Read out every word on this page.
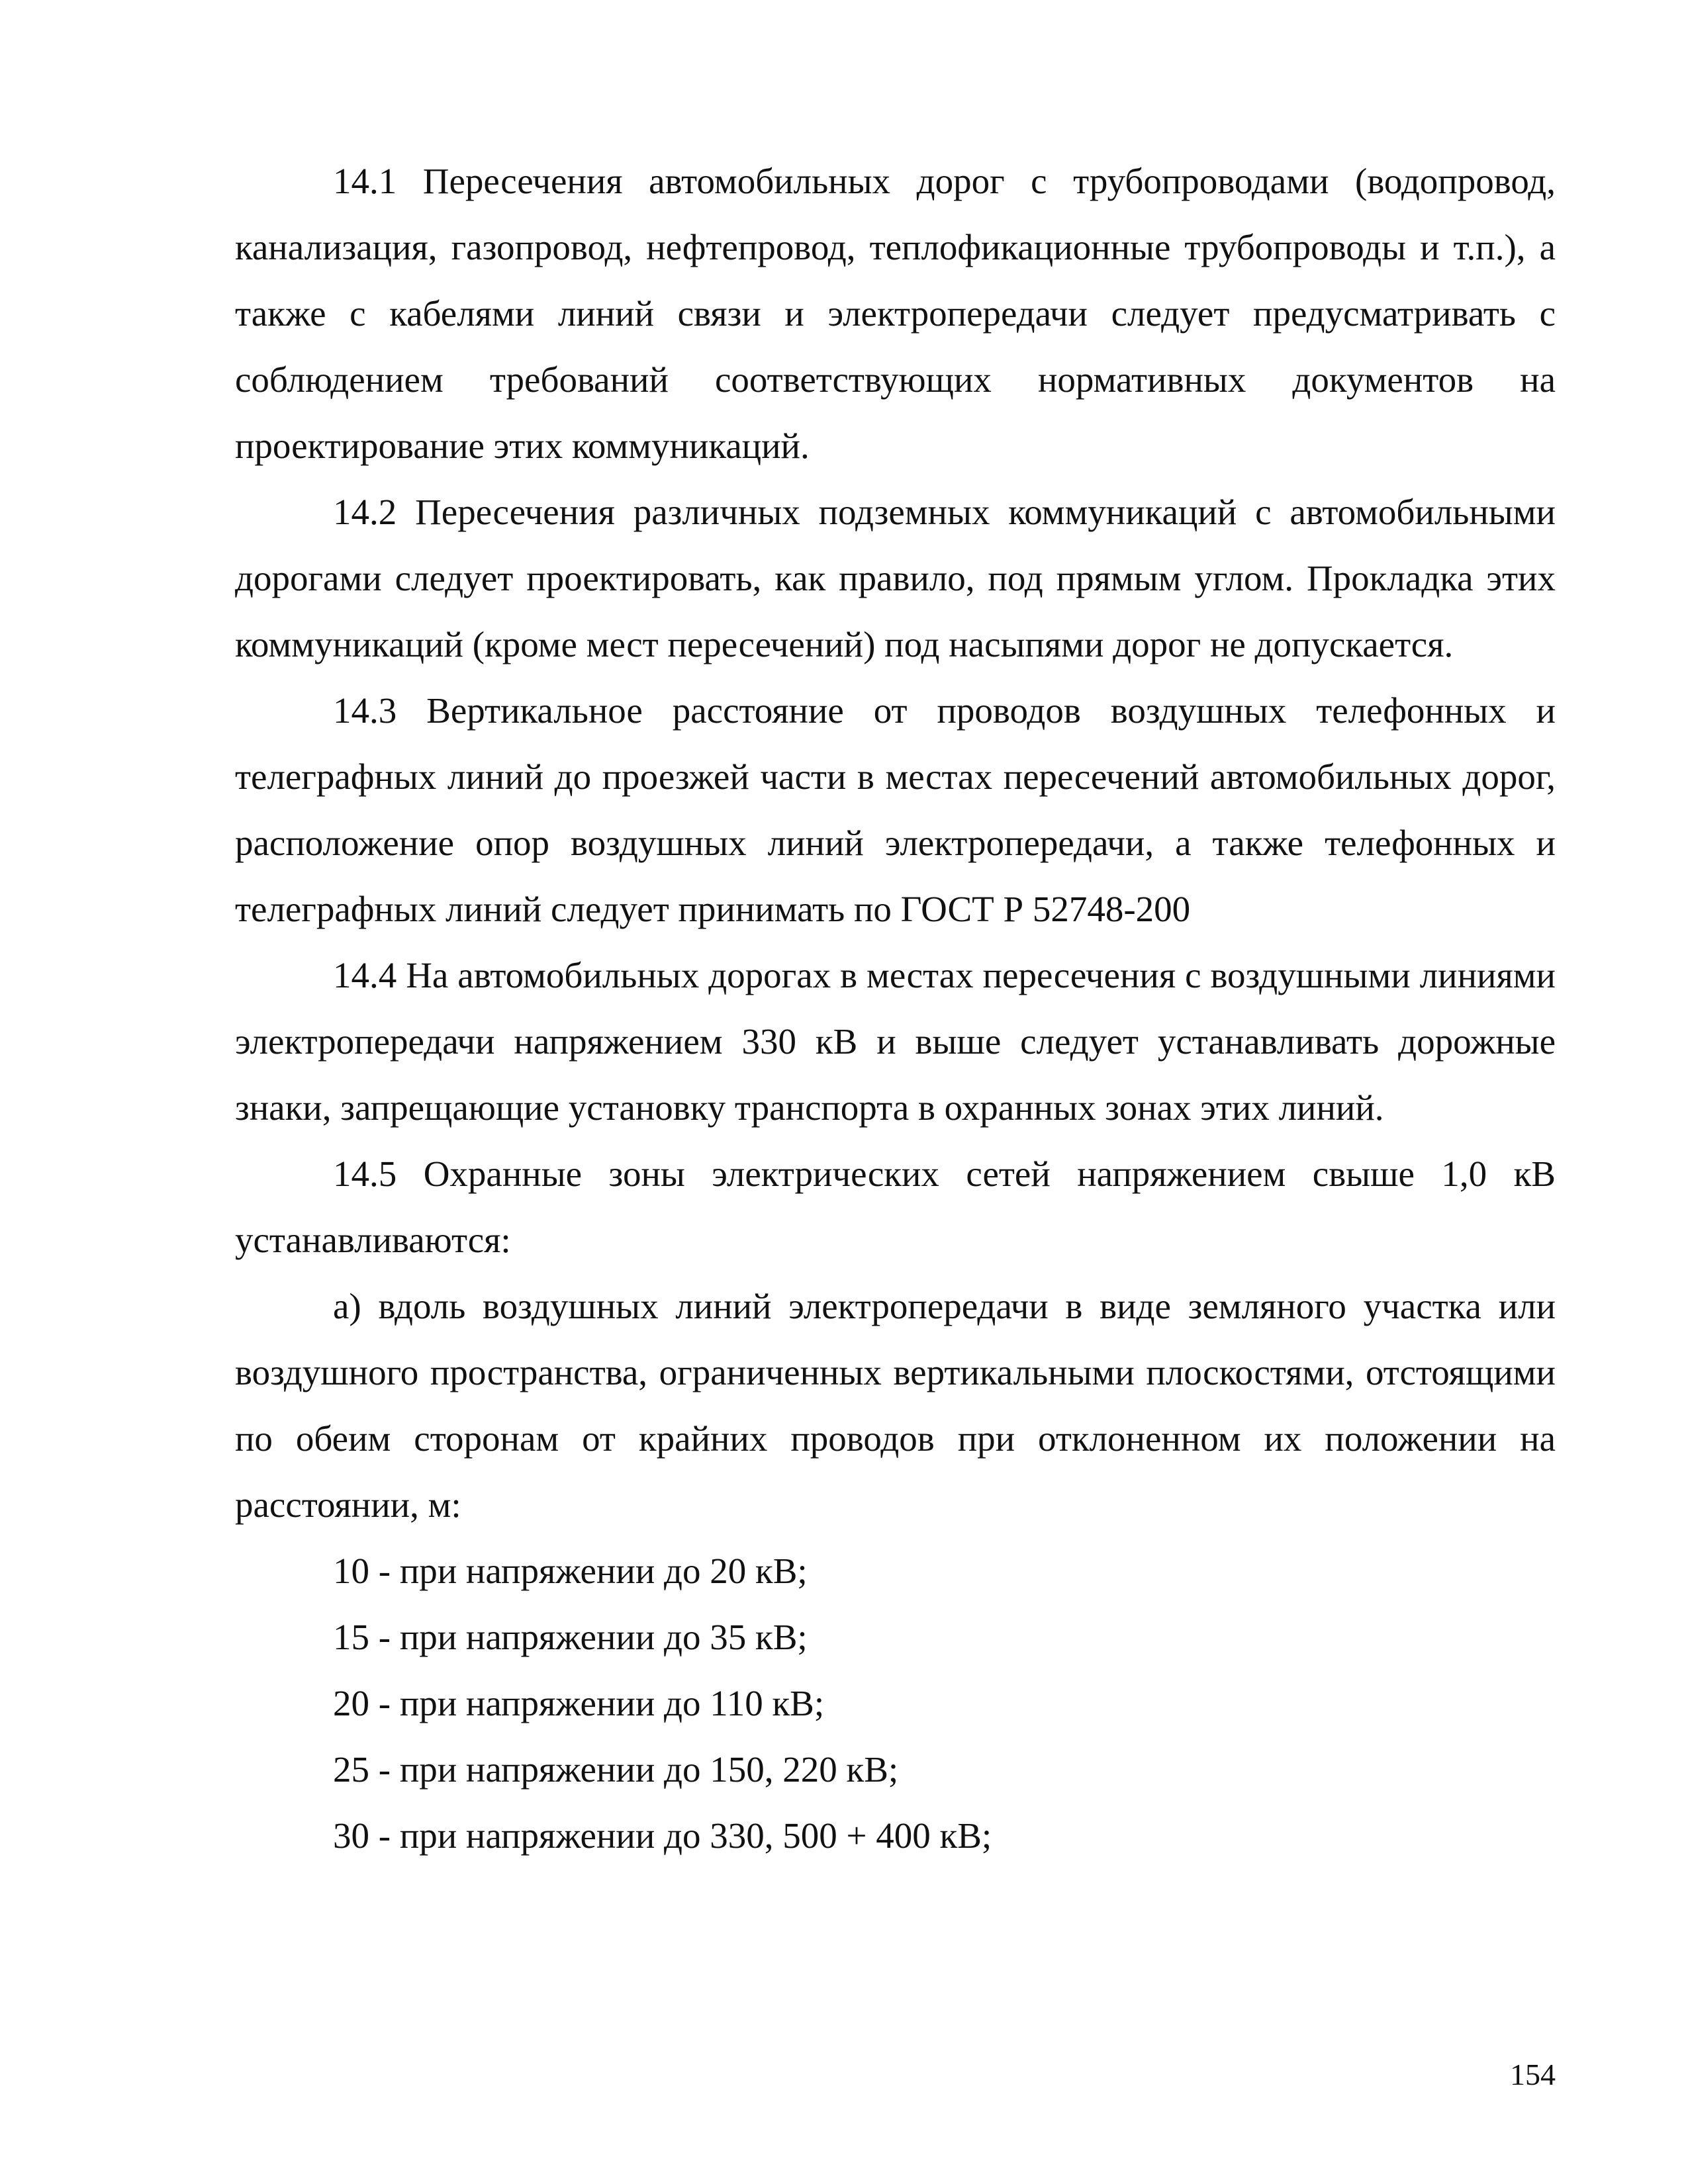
14.1 Пересечения автомобильных дорог с трубопроводами (водопровод, канализация, газопровод, нефтепровод, теплофикационные трубопроводы и т.п.), а также с кабелями линий связи и электропередачи следует предусматривать с соблюдением требований соответствующих нормативных документов на проектирование этих коммуникаций.

14.2 Пересечения различных подземных коммуникаций с автомобильными дорогами следует проектировать, как правило, под прямым углом. Прокладка этих коммуникаций (кроме мест пересечений) под насыпями дорог не допускается.

14.3 Вертикальное расстояние от проводов воздушных телефонных и телеграфных линий до проезжей части в местах пересечений автомобильных дорог, расположение опор воздушных линий электропередачи, а также телефонных и телеграфных линий следует принимать по ГОСТ Р 52748-200

14.4 На автомобильных дорогах в местах пересечения с воздушными линиями электропередачи напряжением 330 кВ и выше следует устанавливать дорожные знаки, запрещающие установку транспорта в охранных зонах этих линий.

14.5 Охранные зоны электрических сетей напряжением свыше 1,0 кВ устанавливаются:

а) вдоль воздушных линий электропередачи в виде земляного участка или воздушного пространства, ограниченных вертикальными плоскостями, отстоящими по обеим сторонам от крайних проводов при отклоненном их положении на расстоянии, м:

10 - при напряжении до 20 кВ;

15 - при напряжении до 35 кВ;

20 - при напряжении до 110 кВ;

25 - при напряжении до 150, 220 кВ;

30 - при напряжении до 330, 500 + 400 кВ;

154
